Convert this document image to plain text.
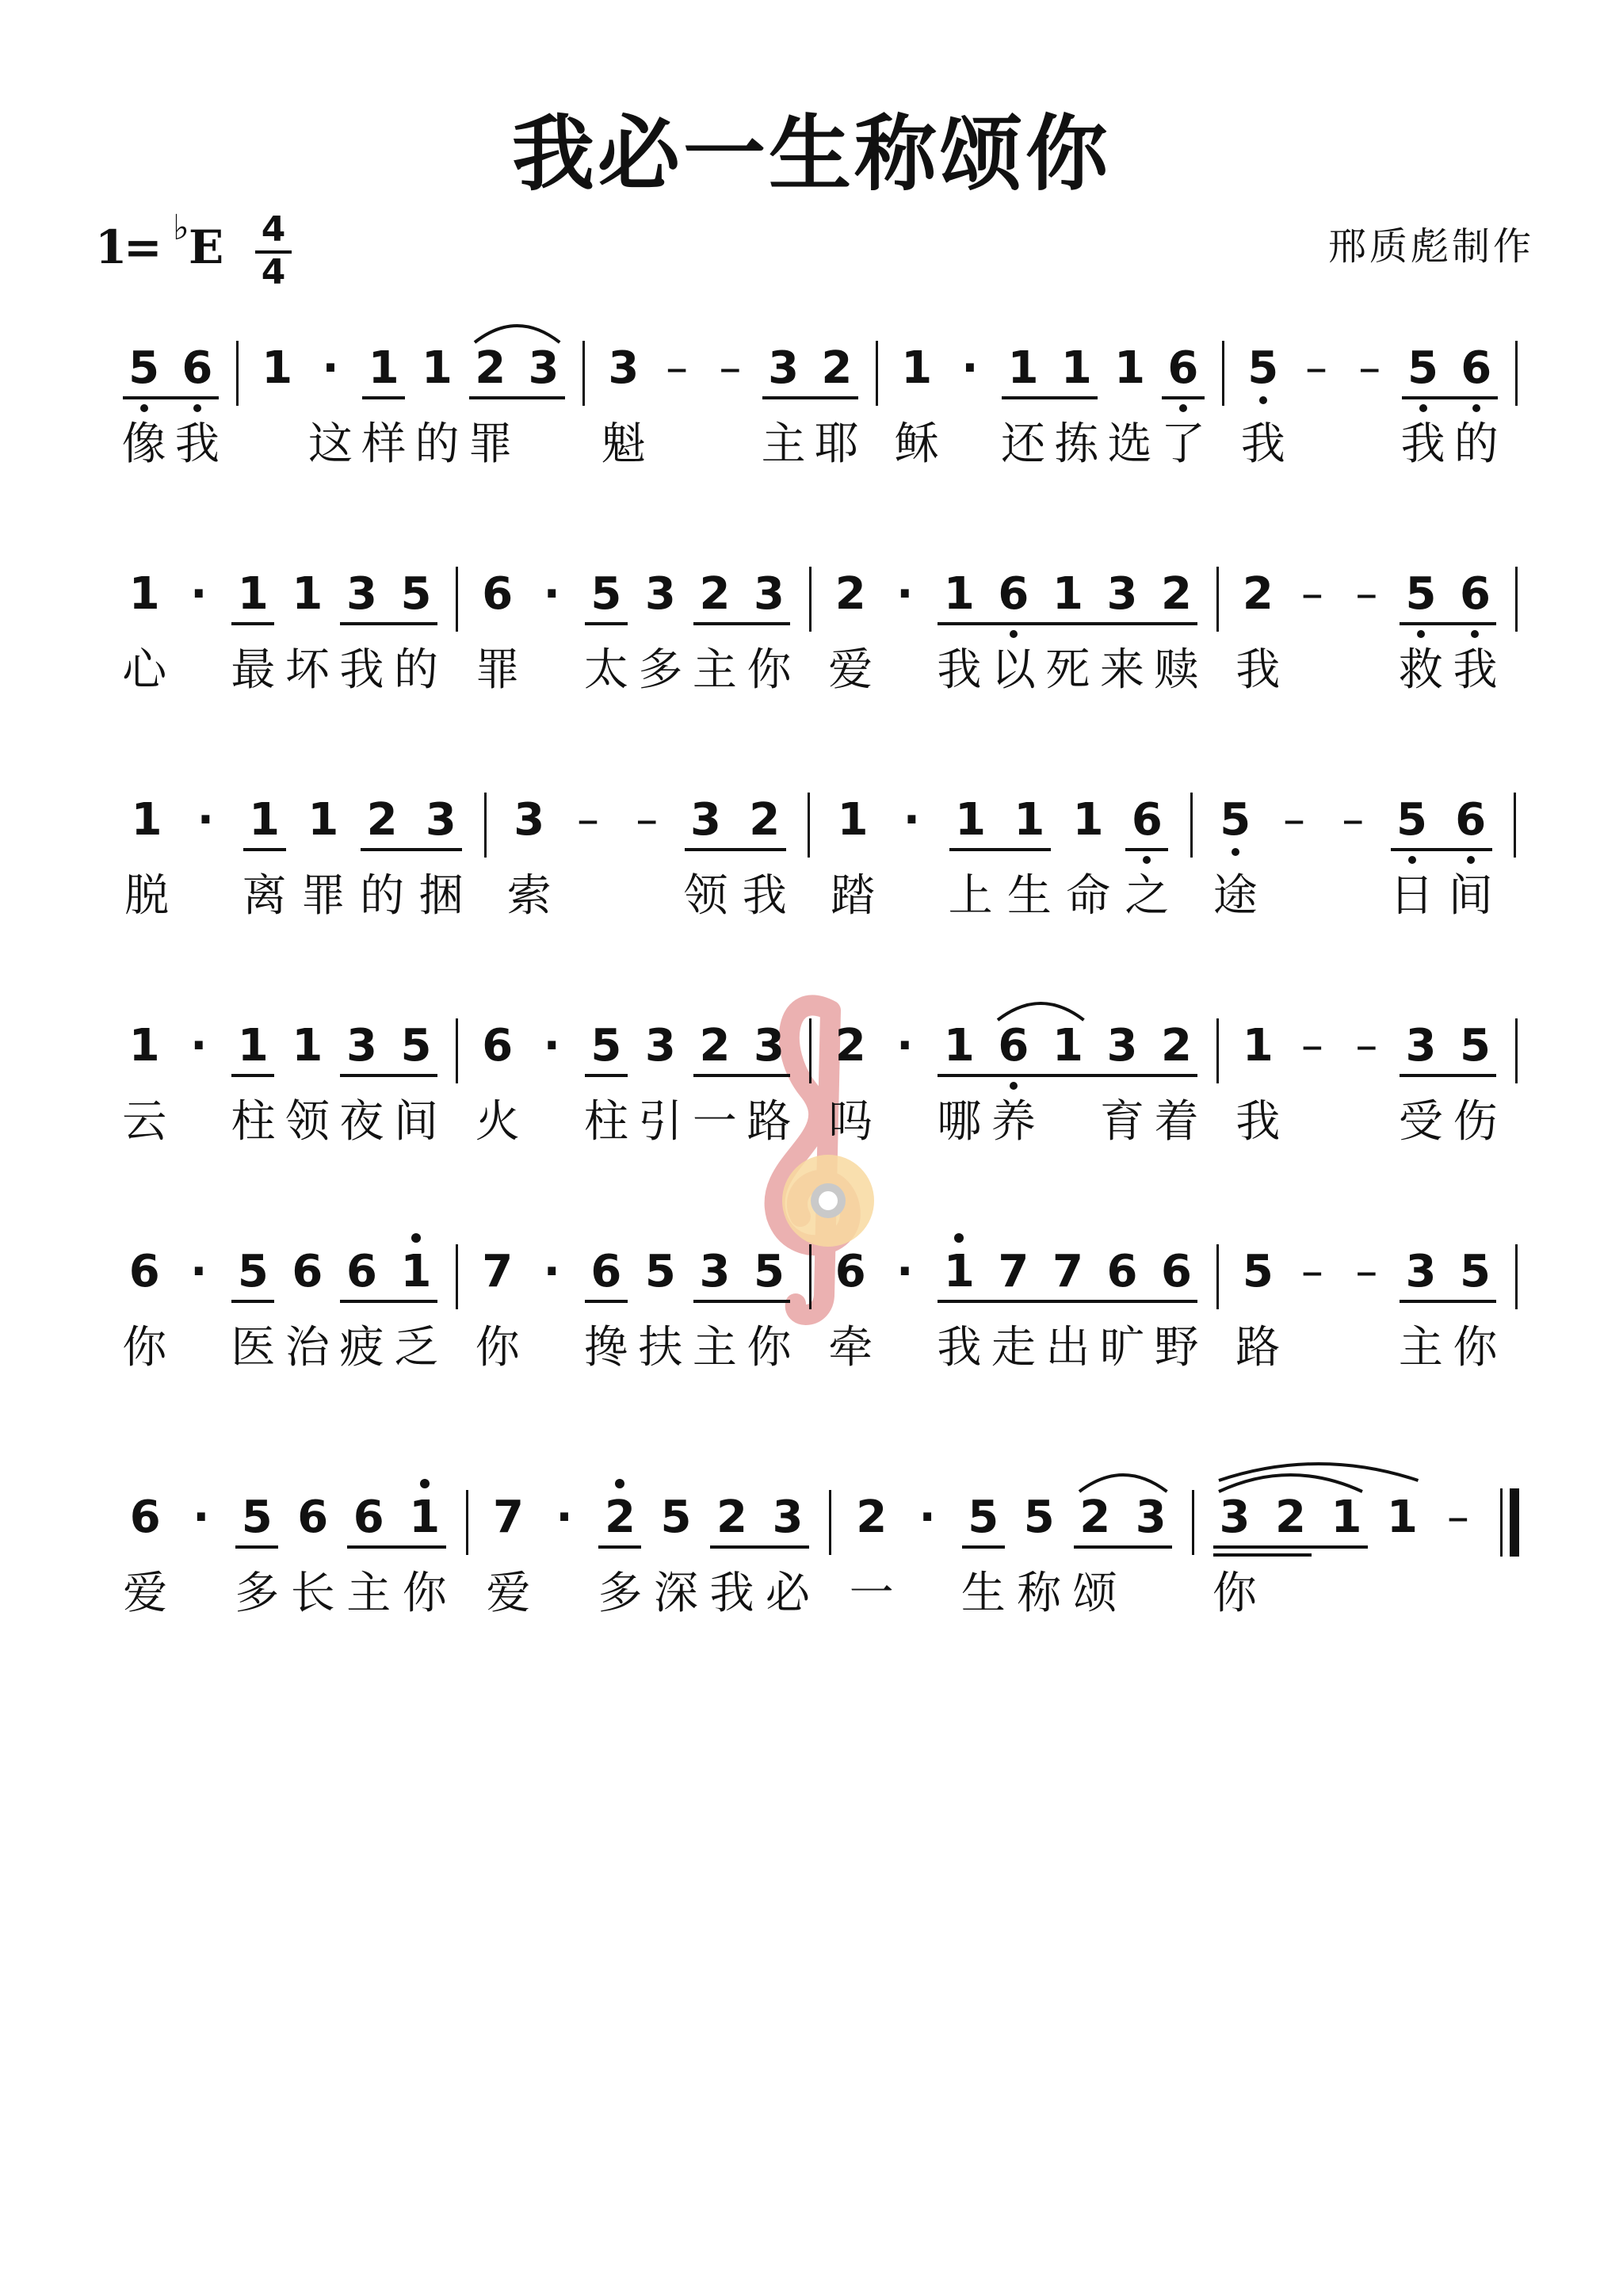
我必一生称颂你
1
= ♭ E 4
4
邢质彪制作
5
像
6
我
1 ·
这
1
样
1
的
2
罪
3 3
魁
– – 3
主
2
耶
1
稣
· 1
还
1
拣
1
选
6
了
5
我
– – 5
我
6
的
1
心
· 1
最
1
坏
3
我
5
的
6
罪
· 5
太
3
多
2
主
3
你
2
爱
· 1
我
6
以
1
死
3
来
2
赎
2
我
– – 5
救
6
我
1
脱
· 1
离
1
罪
2
的
3
捆
3
索
– – 3
领
2
我
1
踏
· 1
上
1
生
1
命
6
之
5
途
– – 5
日
6
间
1
云
· 1
柱
1
领
3
夜
5
间
6
火
· 5
柱
3
引
2
一
3
路
2
吗
· 1
哪
6
养
1 3
育
2
着
1
我
– – 3
受
5
伤
6
你
· 5
医
6
治
6
疲
1
乏
7
你
· 6
搀
5
扶
3
主
5
你
6
牵
· 1
我
7
走
7
出
6
旷
6
野
5
路
– – 3
主
5
你
6
爱
· 5
多
6
长
6
主
1
你
7
爱
· 2
多
5
深
2
我
3
必
2
一
· 5
生
5
称
2
颂
3 3
你
2 1 1 –
